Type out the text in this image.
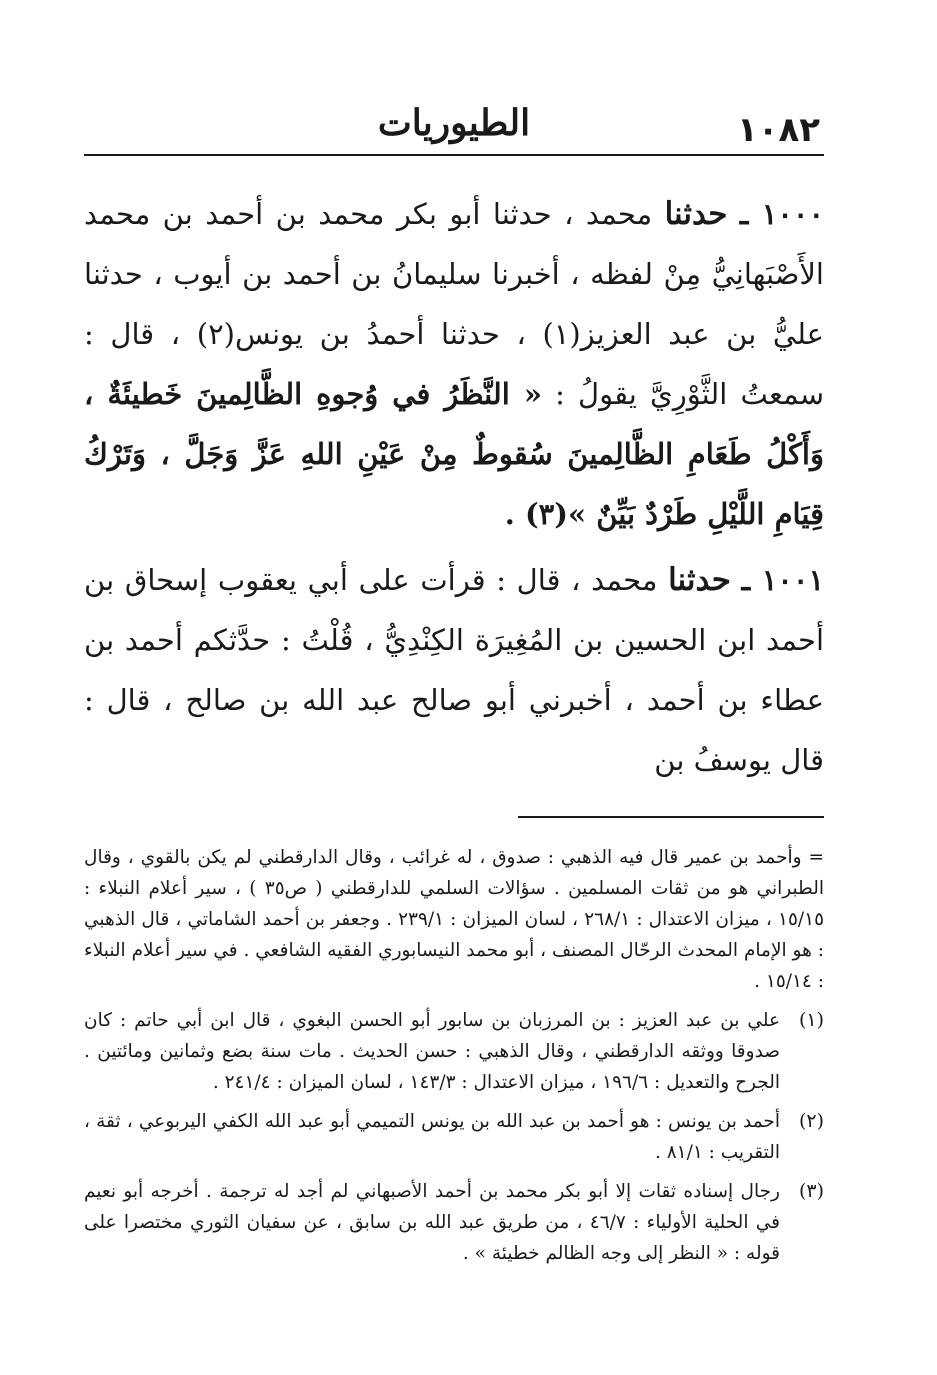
١٠٨٢
الطيوريات

١٠٠٠ ـ حدثنا محمد ، حدثنا أبو بكر محمد بن أحمد بن محمد الأَصْبَهانِيُّ مِنْ لفظه ، أخبرنا سليمانُ بن أحمد بن أيوب ، حدثنا عليُّ بن عبد العزيز(١) ، حدثنا أحمدُ بن يونس(٢) ، قال : سمعتُ الثَّوْرِيَّ يقولُ : « النَّظَرُ في وُجوهِ الظَّالِمينَ خَطيئَةٌ ، وَأَكْلُ طَعَامِ الظَّالِمينَ سُقوطٌ مِنْ عَيْنِ اللهِ عَزَّ وَجَلَّ ، وَتَرْكُ قِيَامِ اللَّيْلِ طَرْدٌ بَيِّنٌ »(٣) .

١٠٠١ ـ حدثنا محمد ، قال : قرأت على أبي يعقوب إسحاق بن أحمد ابن الحسين بن المُغِيرَة الكِنْدِيُّ ، قُلْتُ : حدَّثكم أحمد بن عطاء بن أحمد ، أخبرني أبو صالح عبد الله بن صالح ، قال : قال يوسفُ بن

= وأحمد بن عمير قال فيه الذهبي : صدوق ، له غرائب ، وقال الدارقطني لم يكن بالقوي ، وقال الطبراني هو من ثقات المسلمين . سؤالات السلمي للدارقطني ( ص٣٥ ) ، سير أعلام النبلاء : ١٥/١٥ ، ميزان الاعتدال : ٢٦٨/١ ، لسان الميزان : ٢٣٩/١ . وجعفر بن أحمد الشاماتي ، قال الذهبي : هو الإمام المحدث الرحّال المصنف ، أبو محمد النيسابوري الفقيه الشافعي . في سير أعلام النبلاء : ١٥/١٤ .
(١)
علي بن عبد العزيز : بن المرزبان بن سابور أبو الحسن البغوي ، قال ابن أبي حاتم : كان صدوقا ووثقه الدارقطني ، وقال الذهبي : حسن الحديث . مات سنة بضع وثمانين ومائتين . الجرح والتعديل : ١٩٦/٦ ، ميزان الاعتدال : ١٤٣/٣ ، لسان الميزان : ٢٤١/٤ .
(٢)
أحمد بن يونس : هو أحمد بن عبد الله بن يونس التميمي أبو عبد الله الكفي اليربوعي ، ثقة ، التقريب : ٨١/١ .
(٣)
رجال إسناده ثقات إلا أبو بكر محمد بن أحمد الأصبهاني لم أجد له ترجمة . أخرجه أبو نعيم في الحلية الأولياء : ٤٦/٧ ، من طريق عبد الله بن سابق ، عن سفيان الثوري مختصرا على قوله : « النظر إلى وجه الظالم خطيئة » .
